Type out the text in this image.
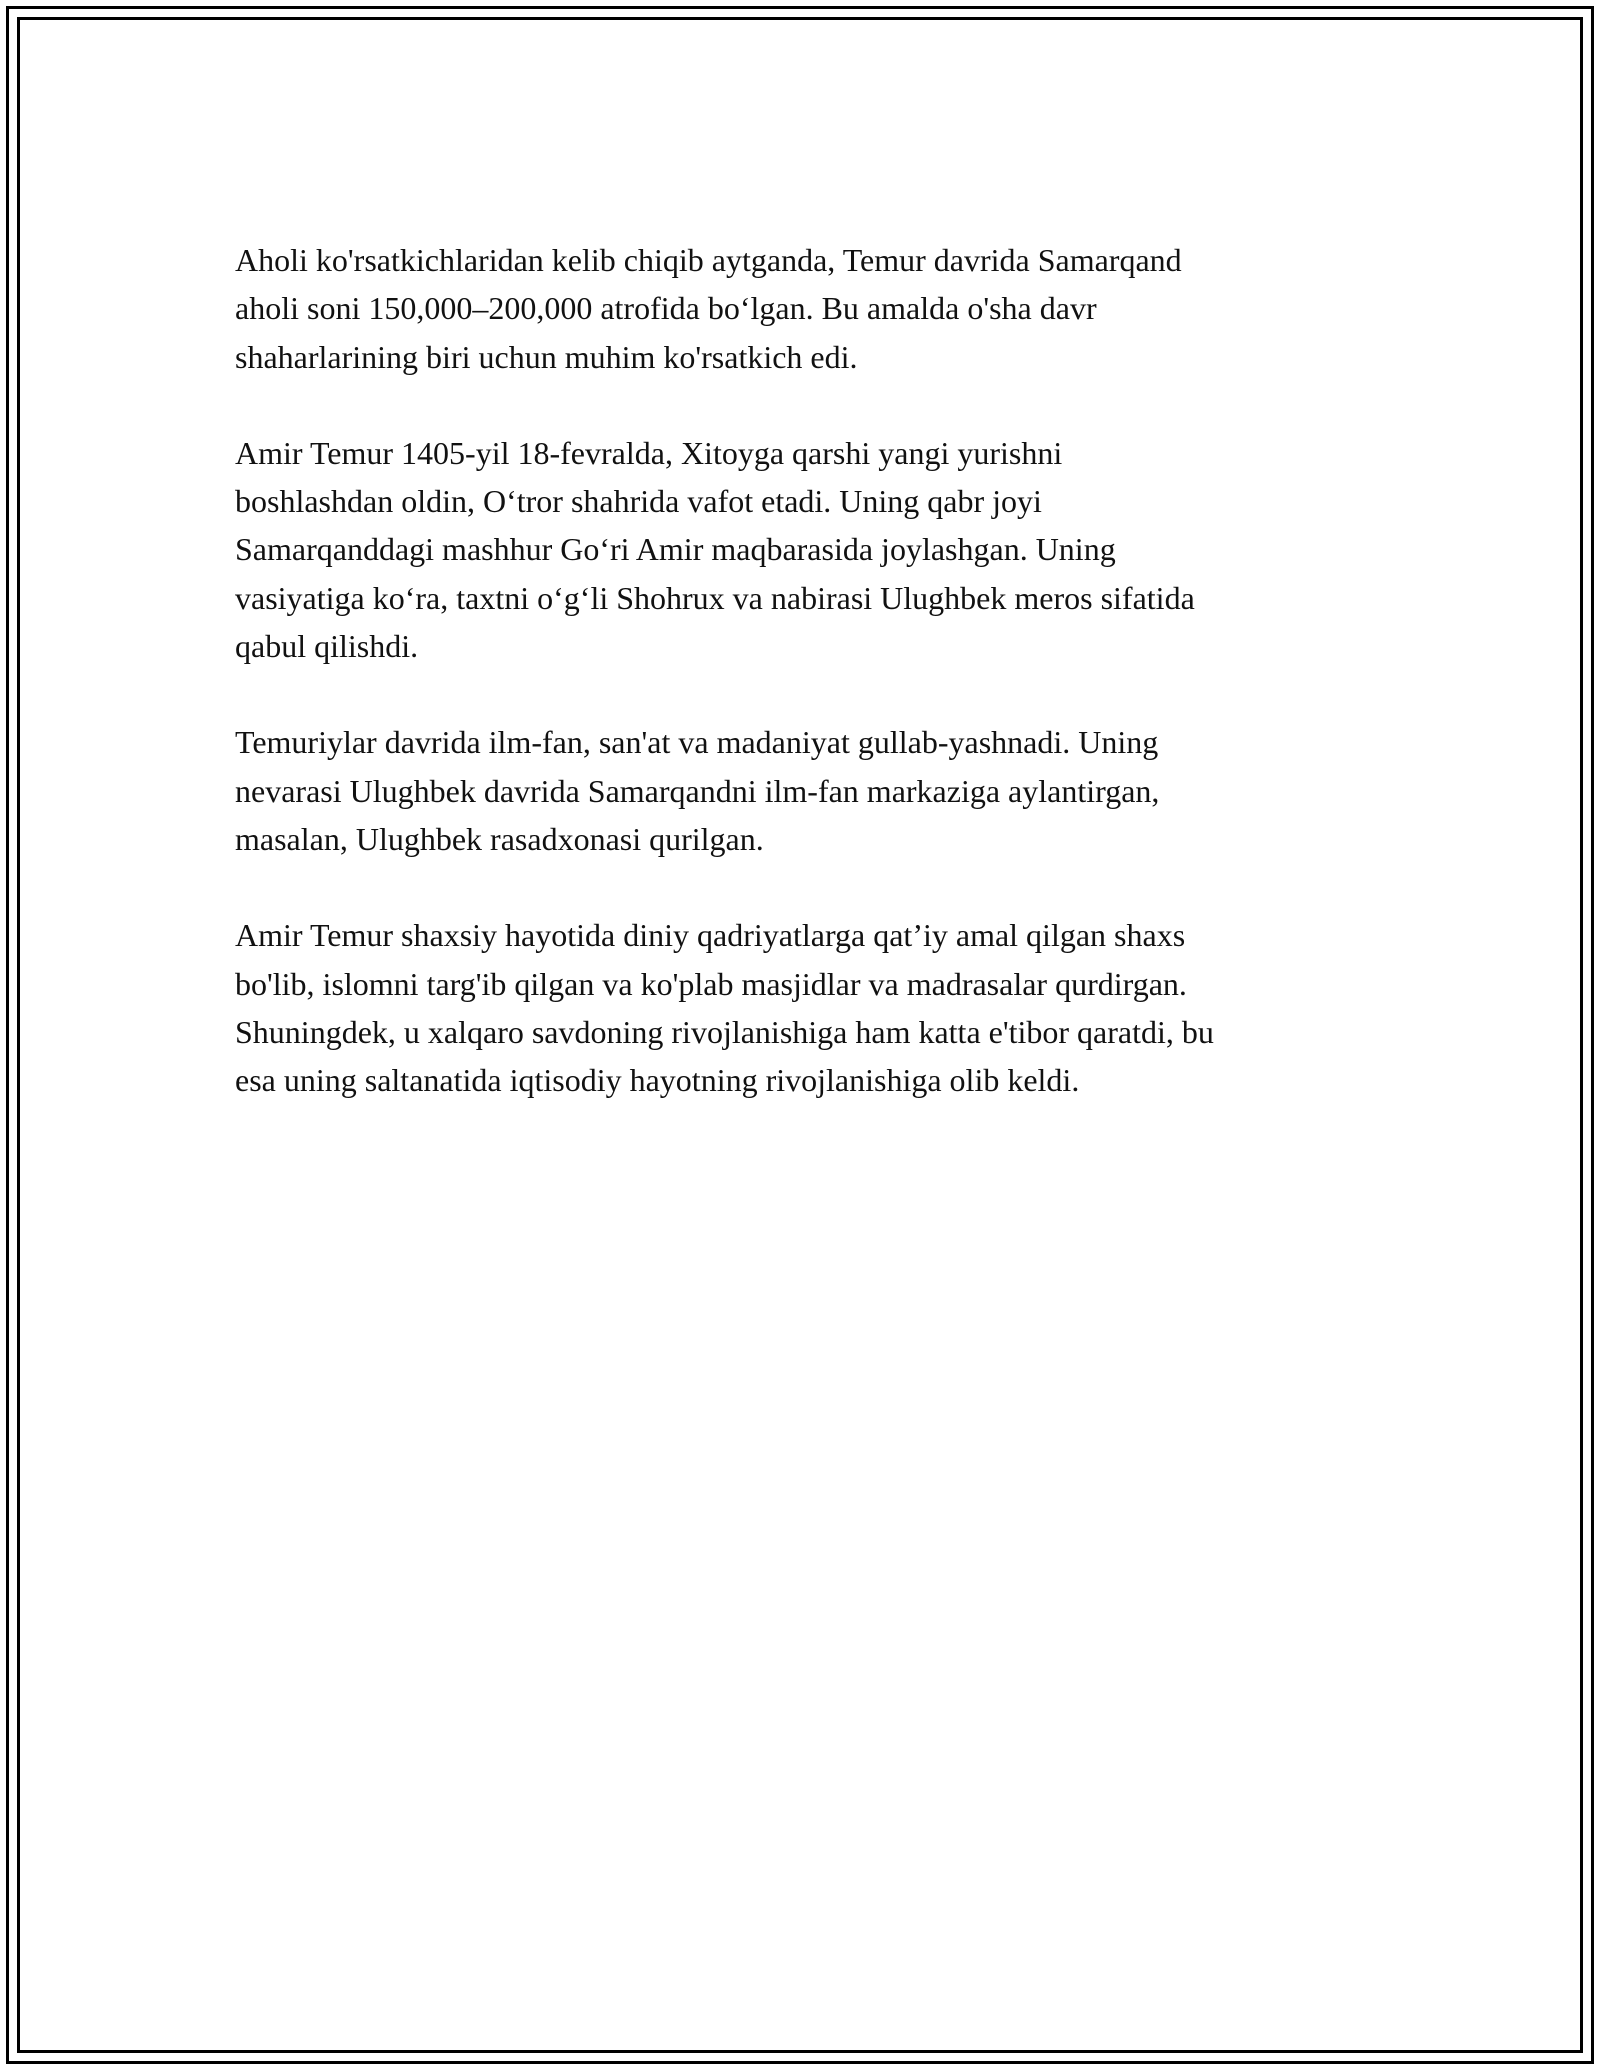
Aholi ko'rsatkichlaridan kelib chiqib aytganda, Temur davrida Samarqand
aholi soni 150,000–200,000 atrofida bo‘lgan. Bu amalda o'sha davr
shaharlarining biri uchun muhim ko'rsatkich edi.

Amir Temur 1405-yil 18-fevralda, Xitoyga qarshi yangi yurishni
boshlashdan oldin, O‘tror shahrida vafot etadi. Uning qabr joyi
Samarqanddagi mashhur Go‘ri Amir maqbarasida joylashgan. Uning
vasiyatiga ko‘ra, taxtni o‘g‘li Shohrux va nabirasi Ulughbek meros sifatida
qabul qilishdi.

Temuriylar davrida ilm-fan, san'at va madaniyat gullab-yashnadi. Uning
nevarasi Ulughbek davrida Samarqandni ilm-fan markaziga aylantirgan,
masalan, Ulughbek rasadxonasi qurilgan.

Amir Temur shaxsiy hayotida diniy qadriyatlarga qat’iy amal qilgan shaxs
bo'lib, islomni targ'ib qilgan va ko'plab masjidlar va madrasalar qurdirgan.
Shuningdek, u xalqaro savdoning rivojlanishiga ham katta e'tibor qaratdi, bu
esa uning saltanatida iqtisodiy hayotning rivojlanishiga olib keldi.
